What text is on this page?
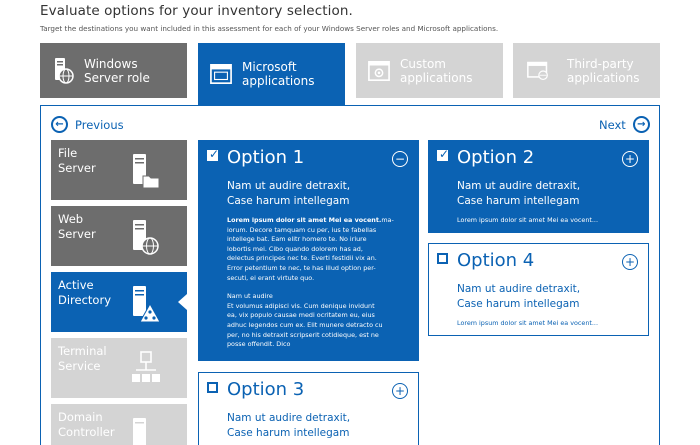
Evaluate options for your inventory selection.
Target the destinations you want included in this assessment for each of your Windows Server roles and Microsoft applications.
Windows
Server role
Microsoft
applications
Custom
applications
Third-party
applications
← Previous	Next	→
File
Server
Web
Server
Active
Directory
Terminal
Service
Domain
Controller
✓ Option 1	−
Nam ut audire detraxit,
Case harum intellegam
Lorem ipsum dolor sit amet Mei ea vocent.ma-
iorum. Decore tamquam cu per, ius te fabellas
intellege bat. Eam elitr homero te. No iriure
lobortis mei. Cibo quando dolorem has ad,
delectus principes nec te. Everti festidii vix an.
Error petentium te nec, te has illud option per-
secuti, ei erant virtute quo.
Nam ut audire
Et volumus adipisci vis. Cum denique invidunt
ea, vix populo causae medi ocritatem eu, eius
adhuc legendos cum ex. Elit munere detracto cu
per, no his detraxit scripserit cotidieque, est ne
posse offendit. Dico
✓ Option 2	+
Nam ut audire detraxit,
Case harum intellegam
Lorem ipsum dolor sit amet Mei ea vocent...
Option 4	+
Nam ut audire detraxit,
Case harum intellegam
Lorem ipsum dolor sit amet Mei ea vocent...
Option 3	+
Nam ut audire detraxit,
Case harum intellegam
